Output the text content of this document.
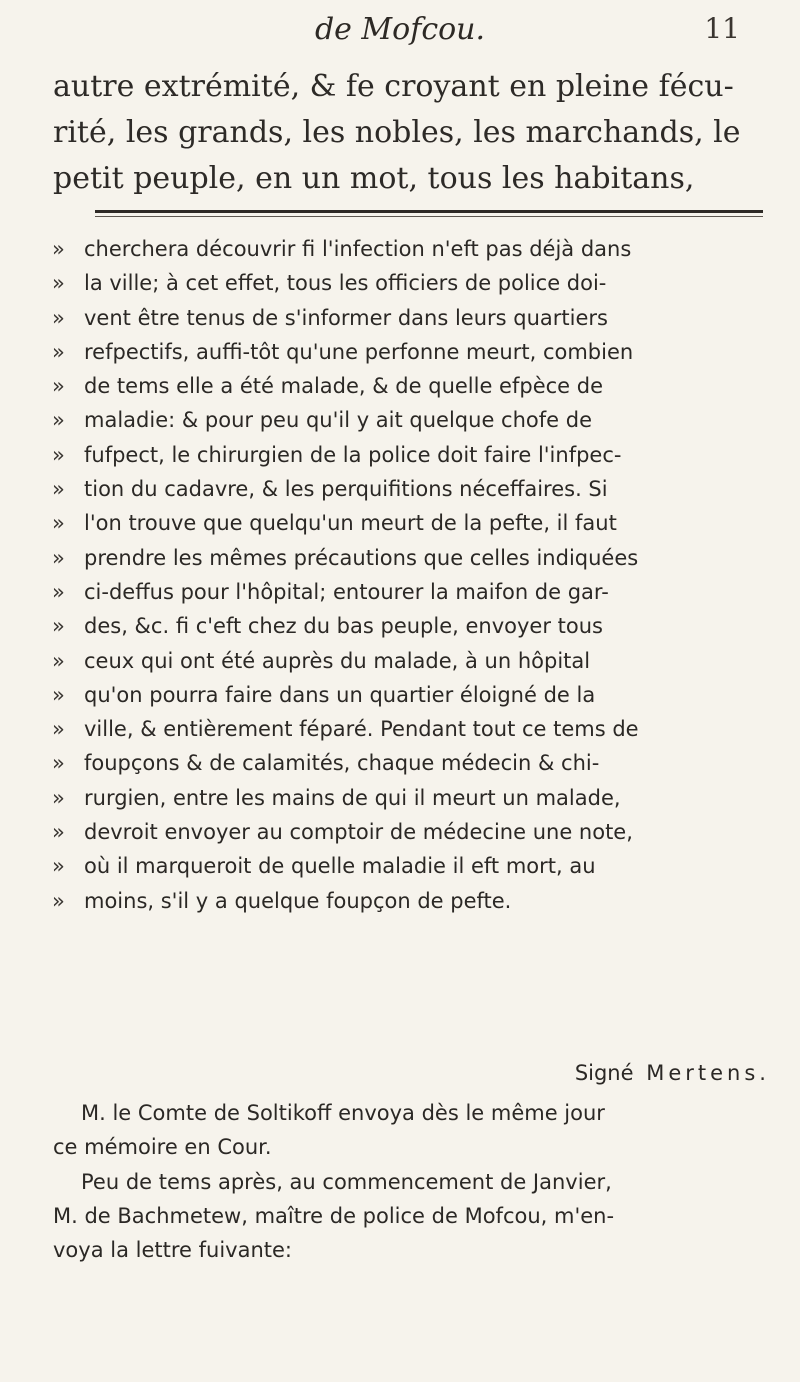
de Mofcou.	11
autre extrémité, & fe croyant en pleine fécu-
rité, les grands, les nobles, les marchands, le
petit peuple, en un mot, tous les habitans,
» cherchera découvrir fi l'infection n'eft pas déjà dans
» la ville; à cet effet, tous les officiers de police doi-
» vent être tenus de s'informer dans leurs quartiers
» refpectifs, auffi-tôt qu'une perfonne meurt, combien
» de tems elle a été malade, & de quelle efpèce de
» maladie: & pour peu qu'il y ait quelque chofe de
» fufpect, le chirurgien de la police doit faire l'infpec-
» tion du cadavre, & les perquifitions néceffaires. Si
» l'on trouve que quelqu'un meurt de la pefte, il faut
» prendre les mêmes précautions que celles indiquées
» ci-deffus pour l'hôpital; entourer la maifon de gar-
» des, &c. fi c'eft chez du bas peuple, envoyer tous
» ceux qui ont été auprès du malade, à un hôpital
» qu'on pourra faire dans un quartier éloigné de la
» ville, & entièrement féparé. Pendant tout ce tems de
» foupçons & de calamités, chaque médecin & chi-
» rurgien, entre les mains de qui il meurt un malade,
» devroit envoyer au comptoir de médecine une note,
» où il marqueroit de quelle maladie il eft mort, au
» moins, s'il y a quelque foupçon de pefte.
Signé Mertens.
M. le Comte de Soltikoff envoya dès le même jour
ce mémoire en Cour.
Peu de tems après, au commencement de Janvier,
M. de Bachmetew, maître de police de Mofcou, m'en-
voya la lettre fuivante:
